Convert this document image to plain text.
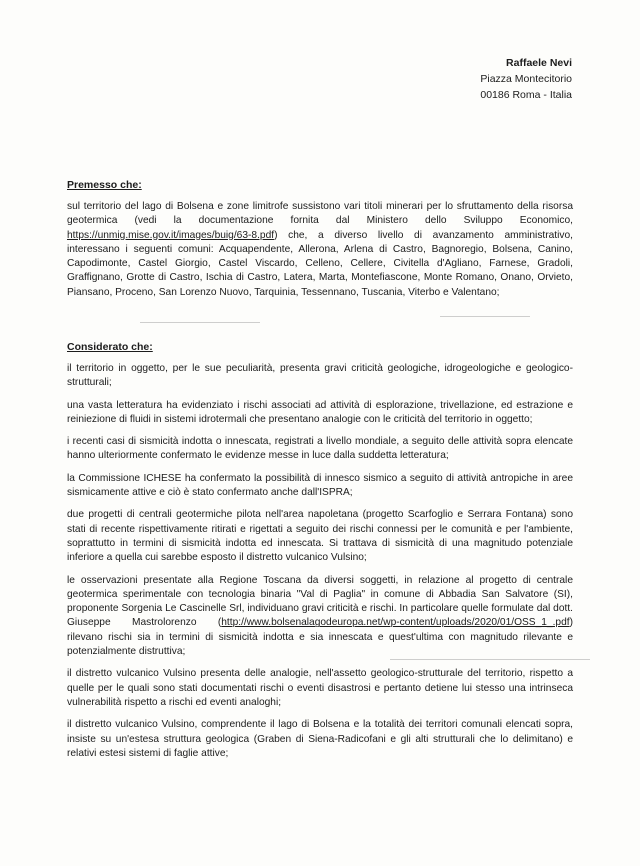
Raffaele Nevi
Piazza Montecitorio
00186 Roma - Italia
Premesso che:

sul territorio del lago di Bolsena e zone limitrofe sussistono vari titoli minerari per lo sfruttamento della risorsa geotermica (vedi la documentazione fornita dal Ministero dello Sviluppo Economico, https://unmig.mise.gov.it/images/buig/63-8.pdf) che, a diverso livello di avanzamento amministrativo, interessano i seguenti comuni: Acquapendente, Allerona, Arlena di Castro, Bagnoregio, Bolsena, Canino, Capodimonte, Castel Giorgio, Castel Viscardo, Celleno, Cellere, Civitella d'Agliano, Farnese, Gradoli, Graffignano, Grotte di Castro, Ischia di Castro, Latera, Marta, Montefiascone, Monte Romano, Onano, Orvieto, Piansano, Proceno, San Lorenzo Nuovo, Tarquinia, Tessennano, Tuscania, Viterbo e Valentano;

Considerato che:

il territorio in oggetto, per le sue peculiarità, presenta gravi criticità geologiche, idrogeologiche e geologico-strutturali;

una vasta letteratura ha evidenziato i rischi associati ad attività di esplorazione, trivellazione, ed estrazione e reiniezione di fluidi in sistemi idrotermali che presentano analogie con le criticità del territorio in oggetto;

i recenti casi di sismicità indotta o innescata, registrati a livello mondiale, a seguito delle attività sopra elencate hanno ulteriormente confermato le evidenze messe in luce dalla suddetta letteratura;

la Commissione ICHESE ha confermato la possibilità di innesco sismico a seguito di attività antropiche in aree sismicamente attive e ciò è stato confermato anche dall'ISPRA;

due progetti di centrali geotermiche pilota nell'area napoletana (progetto Scarfoglio e Serrara Fontana) sono stati di recente rispettivamente ritirati e rigettati a seguito dei rischi connessi per le comunità e per l'ambiente, soprattutto in termini di sismicità indotta ed innescata. Si trattava di sismicità di una magnitudo potenziale inferiore a quella cui sarebbe esposto il distretto vulcanico Vulsino;

le osservazioni presentate alla Regione Toscana da diversi soggetti, in relazione al progetto di centrale geotermica sperimentale con tecnologia binaria "Val di Paglia" in comune di Abbadia San Salvatore (SI), proponente Sorgenia Le Cascinelle Srl, individuano gravi criticità e rischi. In particolare quelle formulate dal dott. Giuseppe Mastrolorenzo (http://www.bolsenalagodeuropa.net/wp-content/uploads/2020/01/OSS_1_.pdf) rilevano rischi sia in termini di sismicità indotta e sia innescata e quest'ultima con magnitudo rilevante e potenzialmente distruttiva;

il distretto vulcanico Vulsino presenta delle analogie, nell'assetto geologico-strutturale del territorio, rispetto a quelle per le quali sono stati documentati rischi o eventi disastrosi e pertanto detiene lui stesso una intrinseca vulnerabilità rispetto a rischi ed eventi analoghi;

il distretto vulcanico Vulsino, comprendente il lago di Bolsena e la totalità dei territori comunali elencati sopra, insiste su un'estesa struttura geologica (Graben di Siena-Radicofani e gli alti strutturali che lo delimitano) e relativi estesi sistemi di faglie attive;
